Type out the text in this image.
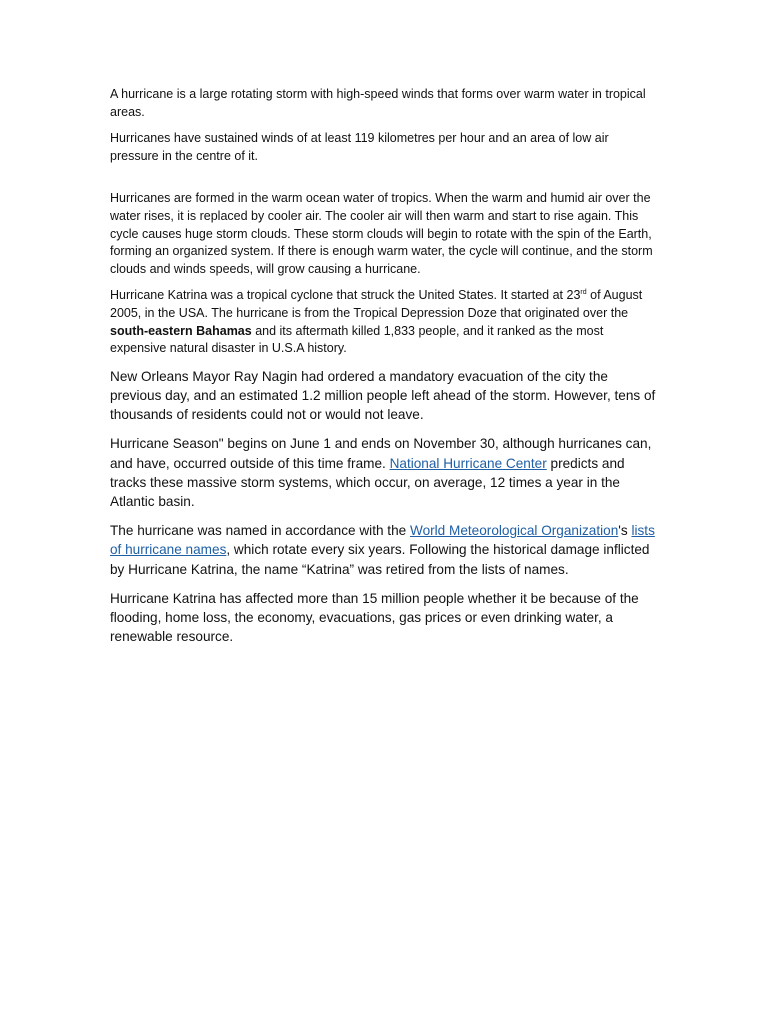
A hurricane is a large rotating storm with high-speed winds that forms over warm water in tropical areas.

Hurricanes have sustained winds of at least 119 kilometres per hour and an area of low air pressure in the centre of it.

Hurricanes are formed in the warm ocean water of tropics. When the warm and humid air over the water rises, it is replaced by cooler air. The cooler air will then warm and start to rise again. This cycle causes huge storm clouds. These storm clouds will begin to rotate with the spin of the Earth, forming an organized system. If there is enough warm water, the cycle will continue, and the storm clouds and winds speeds, will grow causing a hurricane.

Hurricane Katrina was a tropical cyclone that struck the United States. It started at 23rd of August 2005, in the USA. The hurricane is from the Tropical Depression Doze that originated over the south-eastern Bahamas and its aftermath killed 1,833 people, and it ranked as the most expensive natural disaster in U.S.A history.

New Orleans Mayor Ray Nagin had ordered a mandatory evacuation of the city the previous day, and an estimated 1.2 million people left ahead of the storm. However, tens of thousands of residents could not or would not leave.

Hurricane Season" begins on June 1 and ends on November 30, although hurricanes can, and have, occurred outside of this time frame. National Hurricane Center predicts and tracks these massive storm systems, which occur, on average, 12 times a year in the Atlantic basin.

The hurricane was named in accordance with the World Meteorological Organization's lists of hurricane names, which rotate every six years. Following the historical damage inflicted by Hurricane Katrina, the name “Katrina” was retired from the lists of names.

Hurricane Katrina has affected more than 15 million people whether it be because of the flooding, home loss, the economy, evacuations, gas prices or even drinking water, a renewable resource.
